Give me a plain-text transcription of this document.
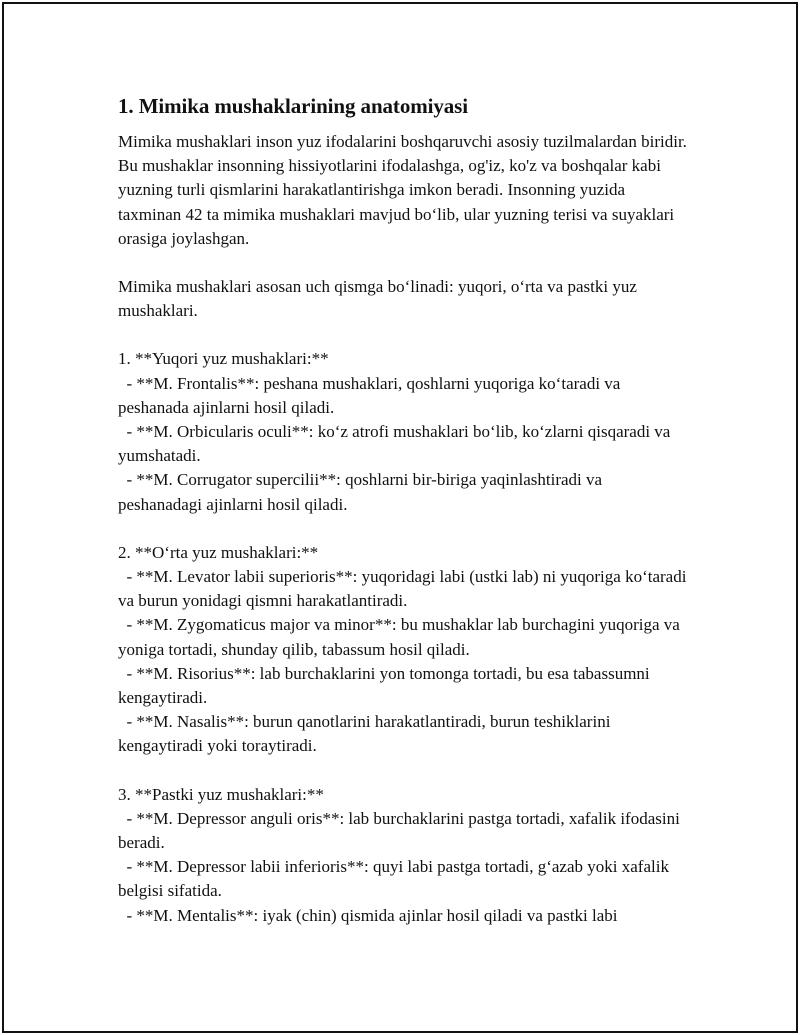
1. Mimika mushaklarining anatomiyasi

Mimika mushaklari inson yuz ifodalarini boshqaruvchi asosiy tuzilmalardan biridir. Bu mushaklar insonning hissiyotlarini ifodalashga, og'iz, ko'z va boshqalar kabi yuzning turli qismlarini harakatlantirishga imkon beradi. Insonning yuzida taxminan 42 ta mimika mushaklari mavjud bo‘lib, ular yuzning terisi va suyaklari orasiga joylashgan.

Mimika mushaklari asosan uch qismga bo‘linadi: yuqori, o‘rta va pastki yuz mushaklari.

1. **Yuqori yuz mushaklari:**

- **M. Frontalis**: peshana mushaklari, qoshlarni yuqoriga ko‘taradi va peshanada ajinlarni hosil qiladi.

- **M. Orbicularis oculi**: ko‘z atrofi mushaklari bo‘lib, ko‘zlarni qisqaradi va yumshatadi.

- **M. Corrugator supercilii**: qoshlarni bir-biriga yaqinlashtiradi va peshanadagi ajinlarni hosil qiladi.

2. **O‘rta yuz mushaklari:**

- **M. Levator labii superioris**: yuqoridagi labi (ustki lab) ni yuqoriga ko‘taradi va burun yonidagi qismni harakatlantiradi.

- **M. Zygomaticus major va minor**: bu mushaklar lab burchagini yuqoriga va yoniga tortadi, shunday qilib, tabassum hosil qiladi.

- **M. Risorius**: lab burchaklarini yon tomonga tortadi, bu esa tabassumni kengaytiradi.

- **M. Nasalis**: burun qanotlarini harakatlantiradi, burun teshiklarini kengaytiradi yoki toraytiradi.

3. **Pastki yuz mushaklari:**

- **M. Depressor anguli oris**: lab burchaklarini pastga tortadi, xafalik ifodasini beradi.

- **M. Depressor labii inferioris**: quyi labi pastga tortadi, g‘azab yoki xafalik belgisi sifatida.

- **M. Mentalis**: iyak (chin) qismida ajinlar hosil qiladi va pastki labi
